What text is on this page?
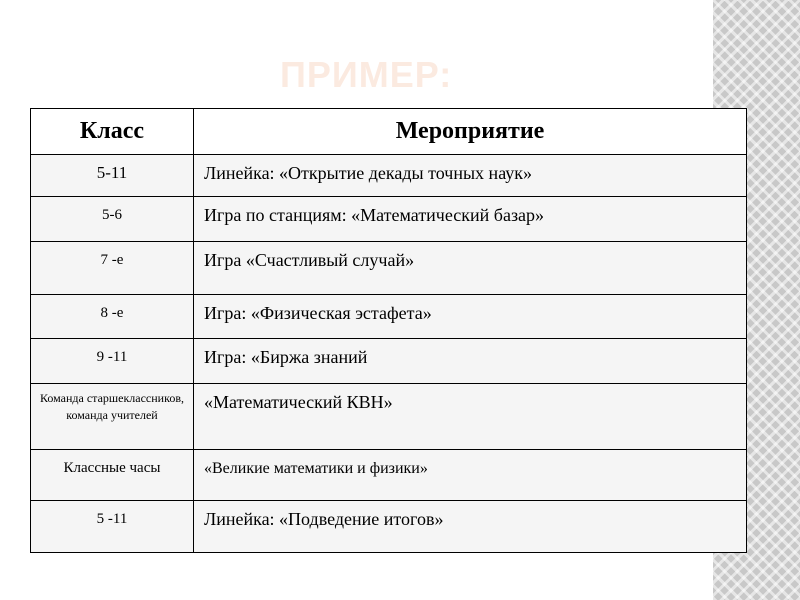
ПРИМЕР:
Класс	Мероприятие
5-11	Линейка: «Открытие декады точных наук»
5-6	Игра по станциям: «Математический базар»
7 -е	Игра «Счастливый случай»
8 -е	Игра: «Физическая эстафета»
9 -11	Игра: «Биржа знаний
Команда старшеклассников, команда учителей	«Математический КВН»
Классные часы	«Великие математики и физики»
5 -11	Линейка: «Подведение итогов»
